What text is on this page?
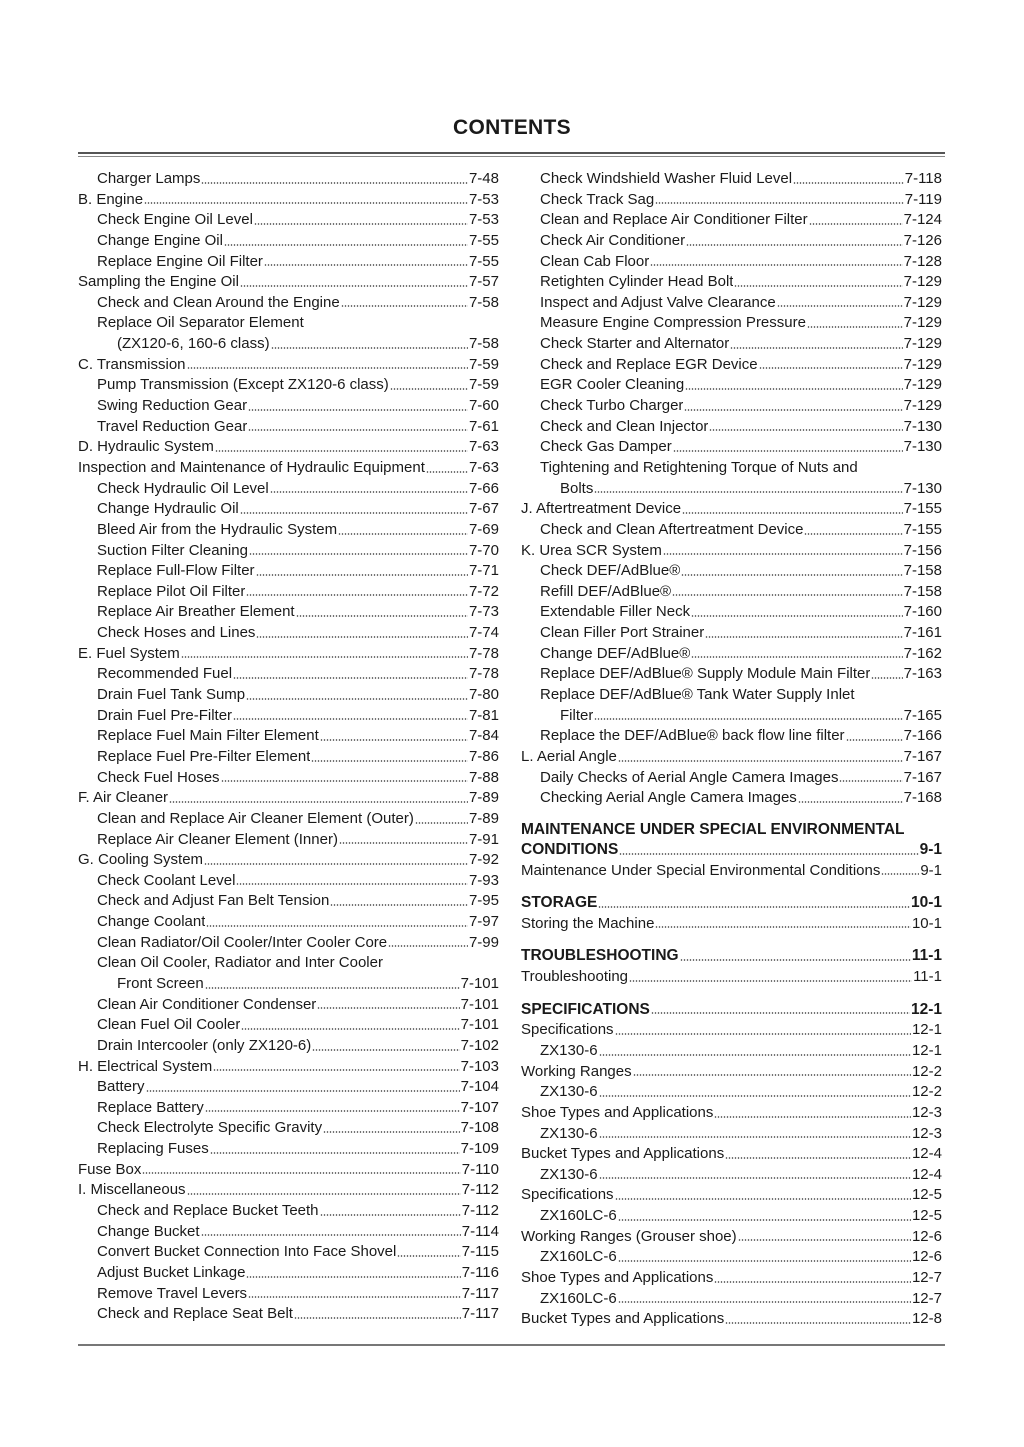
CONTENTS
Charger Lamps	7-48
B. Engine	7-53
Check Engine Oil Level	7-53
Change Engine Oil	7-55
Replace Engine Oil Filter	7-55
Sampling the Engine Oil	7-57
Check and Clean Around the Engine	7-58
Replace Oil Separator Element
(ZX120-6, 160-6 class)	7-58
C. Transmission	7-59
Pump Transmission (Except ZX120-6 class)	7-59
Swing Reduction Gear	7-60
Travel Reduction Gear	7-61
D. Hydraulic System	7-63
Inspection and Maintenance of Hydraulic Equipment	7-63
Check Hydraulic Oil Level	7-66
Change Hydraulic Oil	7-67
Bleed Air from the Hydraulic System	7-69
Suction Filter Cleaning	7-70
Replace Full-Flow Filter	7-71
Replace Pilot Oil Filter	7-72
Replace Air Breather Element	7-73
Check Hoses and Lines	7-74
E. Fuel System	7-78
Recommended Fuel	7-78
Drain Fuel Tank Sump	7-80
Drain Fuel Pre-Filter	7-81
Replace Fuel Main Filter Element	7-84
Replace Fuel Pre-Filter Element	7-86
Check Fuel Hoses	7-88
F. Air Cleaner	7-89
Clean and Replace Air Cleaner Element (Outer)	7-89
Replace Air Cleaner Element (Inner)	7-91
G. Cooling System	7-92
Check Coolant Level	7-93
Check and Adjust Fan Belt Tension	7-95
Change Coolant	7-97
Clean Radiator/Oil Cooler/Inter Cooler Core	7-99
Clean Oil Cooler, Radiator and Inter Cooler
Front Screen	7-101
Clean Air Conditioner Condenser	7-101
Clean Fuel Oil Cooler	7-101
Drain Intercooler (only ZX120-6)	7-102
H. Electrical System	7-103
Battery	7-104
Replace Battery	7-107
Check Electrolyte Specific Gravity	7-108
Replacing Fuses	7-109
Fuse Box	7-110
I. Miscellaneous	7-112
Check and Replace Bucket Teeth	7-112
Change Bucket	7-114
Convert Bucket Connection Into Face Shovel	7-115
Adjust Bucket Linkage	7-116
Remove Travel Levers	7-117
Check and Replace Seat Belt	7-117
Check Windshield Washer Fluid Level	7-118
Check Track Sag	7-119
Clean and Replace Air Conditioner Filter	7-124
Check Air Conditioner	7-126
Clean Cab Floor	7-128
Retighten Cylinder Head Bolt	7-129
Inspect and Adjust Valve Clearance	7-129
Measure Engine Compression Pressure	7-129
Check Starter and Alternator	7-129
Check and Replace EGR Device	7-129
EGR Cooler Cleaning	7-129
Check Turbo Charger	7-129
Check and Clean Injector	7-130
Check Gas Damper	7-130
Tightening and Retightening Torque of Nuts and
Bolts	7-130
J. Aftertreatment Device	7-155
Check and Clean Aftertreatment Device	7-155
K. Urea SCR System	7-156
Check DEF/AdBlue®	7-158
Refill DEF/AdBlue®	7-158
Extendable Filler Neck	7-160
Clean Filler Port Strainer	7-161
Change DEF/AdBlue®	7-162
Replace DEF/AdBlue® Supply Module Main Filter 7-163
Replace DEF/AdBlue® Tank Water Supply Inlet
Filter	7-165
Replace the DEF/AdBlue® back flow line filter	7-166
L. Aerial Angle	7-167
Daily Checks of Aerial Angle Camera Images	7-167
Checking Aerial Angle Camera Images	7-168
MAINTENANCE UNDER SPECIAL ENVIRONMENTAL
CONDITIONS	9-1
Maintenance Under Special Environmental Conditions	9-1
STORAGE	10-1
Storing the Machine	10-1
TROUBLESHOOTING	11-1
Troubleshooting	11-1
SPECIFICATIONS	12-1
Specifications	12-1
ZX130-6	12-1
Working Ranges	12-2
ZX130-6	12-2
Shoe Types and Applications	12-3
ZX130-6	12-3
Bucket Types and Applications	12-4
ZX130-6	12-4
Specifications	12-5
ZX160LC-6	12-5
Working Ranges (Grouser shoe)	12-6
ZX160LC-6	12-6
Shoe Types and Applications	12-7
ZX160LC-6	12-7
Bucket Types and Applications	12-8
